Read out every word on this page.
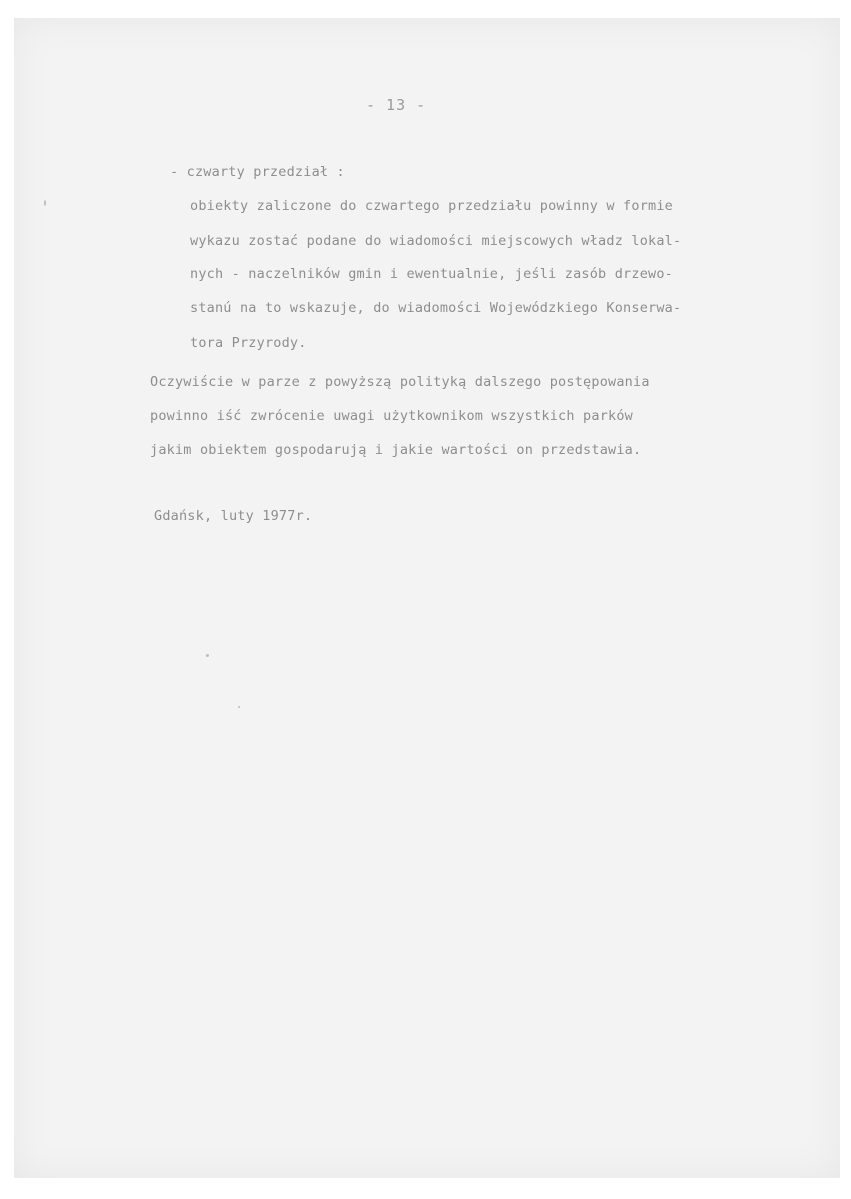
- 13 -
- czwarty przedział :
obiekty zaliczone do czwartego przedziału powinny w formie
wykazu zostać podane do wiadomości miejscowych władz lokal-
nych - naczelników gmin i ewentualnie, jeśli zasób drzewo-
stanú na to wskazuje, do wiadomości Wojewódzkiego Konserwa-
tora Przyrody.
Oczywiście w parze z powyższą polityką dalszego postępowania
powinno iść zwrócenie uwagi użytkownikom wszystkich parków
jakim obiektem gospodarują i jakie wartości on przedstawia.
Gdańsk, luty 1977r.
